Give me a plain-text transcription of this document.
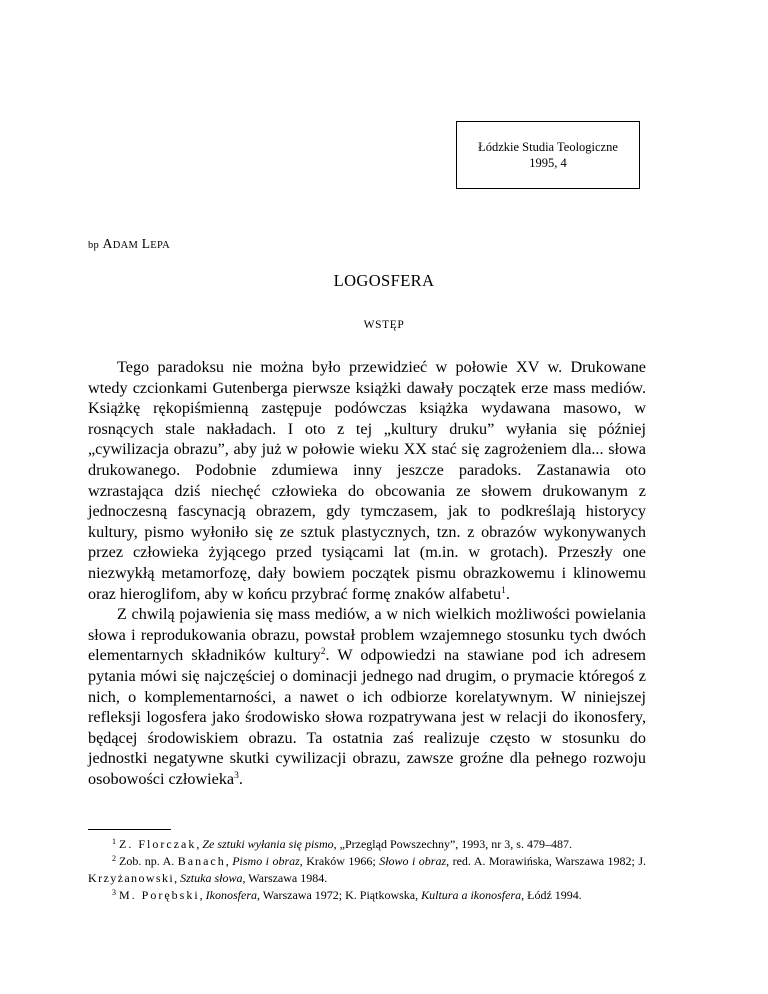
Łódzkie Studia Teologiczne
1995, 4
bp ADAM LEPA
LOGOSFERA
WSTĘP

Tego paradoksu nie można było przewidzieć w połowie XV w. Drukowane wtedy czcionkami Gutenberga pierwsze książki dawały początek erze mass mediów. Książkę rękopiśmienną zastępuje podówczas książka wydawana masowo, w rosnących stale nakładach. I oto z tej „kultury druku” wyłania się później „cywilizacja obrazu”, aby już w połowie wieku XX stać się zagrożeniem dla... słowa drukowanego. Podobnie zdumiewa inny jeszcze paradoks. Zastanawia oto wzrastająca dziś niechęć człowieka do obcowania ze słowem drukowanym z jednoczesną fascynacją obrazem, gdy tymczasem, jak to podkreślają historycy kultury, pismo wyłoniło się ze sztuk plastycznych, tzn. z obrazów wykonywanych przez człowieka żyjącego przed tysiącami lat (m.in. w grotach). Przeszły one niezwykłą metamorfozę, dały bowiem początek pismu obrazkowemu i klinowemu oraz hieroglifom, aby w końcu przybrać formę znaków alfabetu$^1$.

Z chwilą pojawienia się mass mediów, a w nich wielkich możliwości powielania słowa i reprodukowania obrazu, powstał problem wzajemnego stosunku tych dwóch elementarnych składników kultury$^2$. W odpowiedzi na stawiane pod ich adresem pytania mówi się najczęściej o dominacji jednego nad drugim, o prymacie któregoś z nich, o komplementarności, a nawet o ich odbiorze korelatywnym. W niniejszej refleksji logosfera jako środowisko słowa rozpatrywana jest w relacji do ikonosfery, będącej środowiskiem obrazu. Ta ostatnia zaś realizuje często w stosunku do jednostki negatywne skutki cywilizacji obrazu, zawsze groźne dla pełnego rozwoju osobowości człowieka$^3$.

$^1$ Z. Florczak, Ze sztuki wyłania się pismo, „Przegląd Powszechny”, 1993, nr 3, s. 479–487.
$^2$ Zob. np. A. Banach, Pismo i obraz, Kraków 1966; Słowo i obraz, red. A. Morawińska, Warszawa 1982; J. Krzyżanowski, Sztuka słowa, Warszawa 1984.
$^3$ M. Porębski, Ikonosfera, Warszawa 1972; K. Piątkowska, Kultura a ikonosfera, Łódź 1994.
